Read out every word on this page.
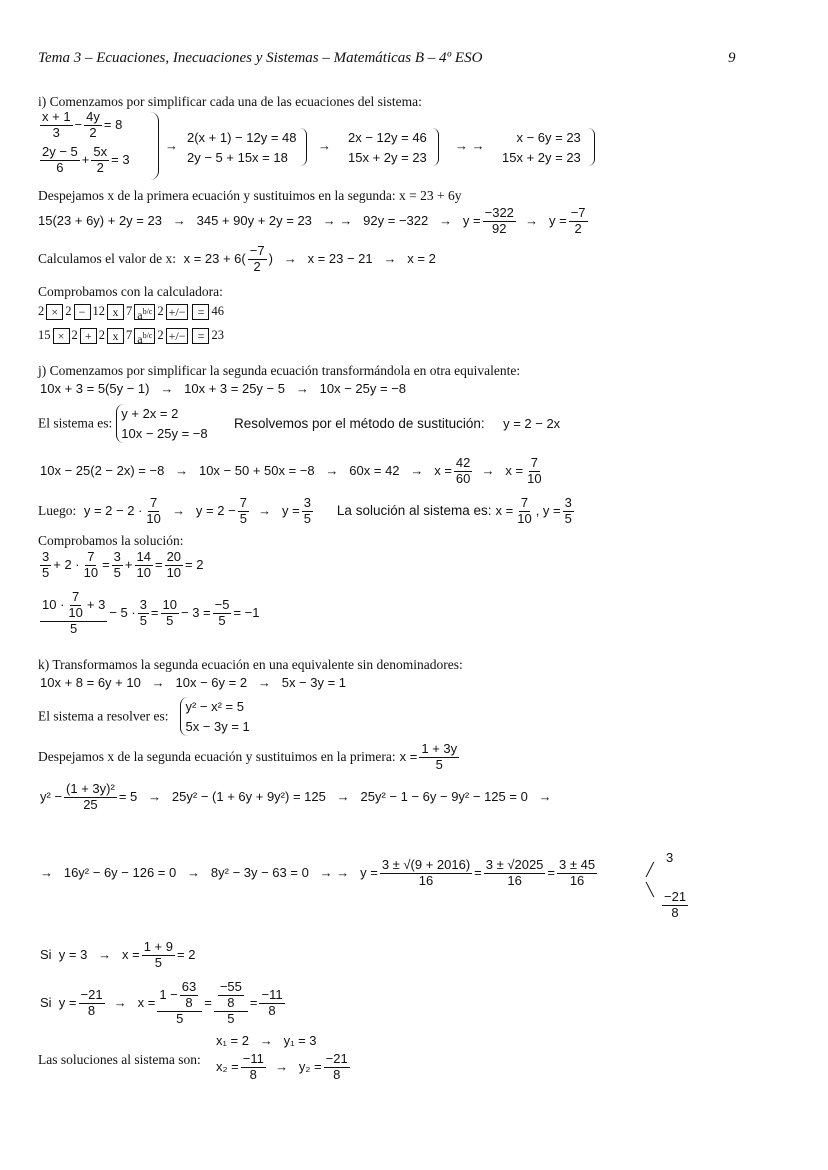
Tema 3 – Ecuaciones, Inecuaciones y Sistemas – Matemáticas B – 4º ESO	9
i) Comenzamos por simplificar cada una de las ecuaciones del sistema:
$\frac{x + 1}{3} - \frac{4y}{2} = 8$
$\frac{2y - 5}{6} + \frac{5x}{2} = 3$
→
2(x + 1) − 12y = 48
2y − 5 + 15x = 18
→
2x − 12y = 46
15x + 2y = 23
→ →
x − 6y = 23
15x + 2y = 23
Despejamos x de la primera ecuación y sustituimos en la segunda: x = 23 + 6y
15(23 + 6y) + 2y = 23   →   345 + 90y + 2y = 23   → →   $92y = -322 \to y = \frac{-322}{92} \to y = \frac{-7}{2}$
Calculamos el valor de x:  $x = 23 + 6( \frac{-7}{2}$ )   →   x = 23 − 21   →   x = 2
Comprobamos con la calculadora:
2 × 2 − 12 x 7 $a^{b/c}$ 2 +/− = 46
15 × 2 + 2 x 7 $a^{b/c}$ 2 +/− = 23
j) Comenzamos por simplificar la segunda ecuación transformándola en otra equivalente:
10x + 3 = 5(5y − 1)   →   10x + 3 = 25y − 5   →   10x − 25y = −8
El sistema es:
y + 2x = 2
10x − 25y = −8
Resolvemos por el método de sustitución:     y = 2 − 2x
$10x - 25(2 - 2x) = -8 \to 10x - 50 + 50x = -8 \to 60x = 42 \to x = \frac{42}{60} \to x = \frac{7}{10}$
Luego:  $y = 2 - 2 \cdot \frac{7}{10} \to y = 2 - \frac{7}{5} \to y = \frac{3}{5}$ La solución al sistema es: $x = \frac{7}{10}$ , $y = \frac{3}{5}$
Comprobamos la solución:
$\frac{3}{5} + 2 \cdot \frac{7}{10} = \frac{3}{5} + \frac{14}{10} = \frac{20}{10} = 2$
$\frac{10 \cdot \frac{7}{10} + 3}{5} - 5 \cdot \frac{3}{5} = \frac{10}{5} - 3 = \frac{-5}{5} = -1$
k) Transformamos la segunda ecuación en una equivalente sin denominadores:
10x + 8 = 6y + 10   →   10x − 6y = 2   →   5x − 3y = 1
El sistema a resolver es:
y² − x² = 5
5x − 3y = 1
Despejamos x de la segunda ecuación y sustituimos en la primera: $x = \frac{1 + 3y}{5}$
$y^2 - \frac{\text{(1 + 3y)²}}{25} = 5 \to 25y^2 - (1 + 6y + 9y^2) = 125 \to 25y^2 - 1 - 6y - 9y^2 - 125 = 0$   →
→   16y² − 6y − 126 = 0   →   8y² − 3y − 63 = 0   → →   $y = \frac{3 \pm √(9 + 2016)}{16} = \frac{3 \pm √2025}{16} = \frac{3 \pm 45}{16}$	╱
╲
3
$\frac{-21}{8}$
Si  $y = 3 \to x = \frac{1 + 9}{5} = 2$
Si  $y = \frac{-21}{8} \to x = \frac{1 - \frac{63}{8}}{5} = \frac{\frac{-55}{8}}{5} = \frac{-11}{8}$
x₁ = 2   →   y₁ = 3
Las soluciones al sistema son: $x_2 = \frac{-11}{8} \to y_2 = \frac{-21}{8}$
